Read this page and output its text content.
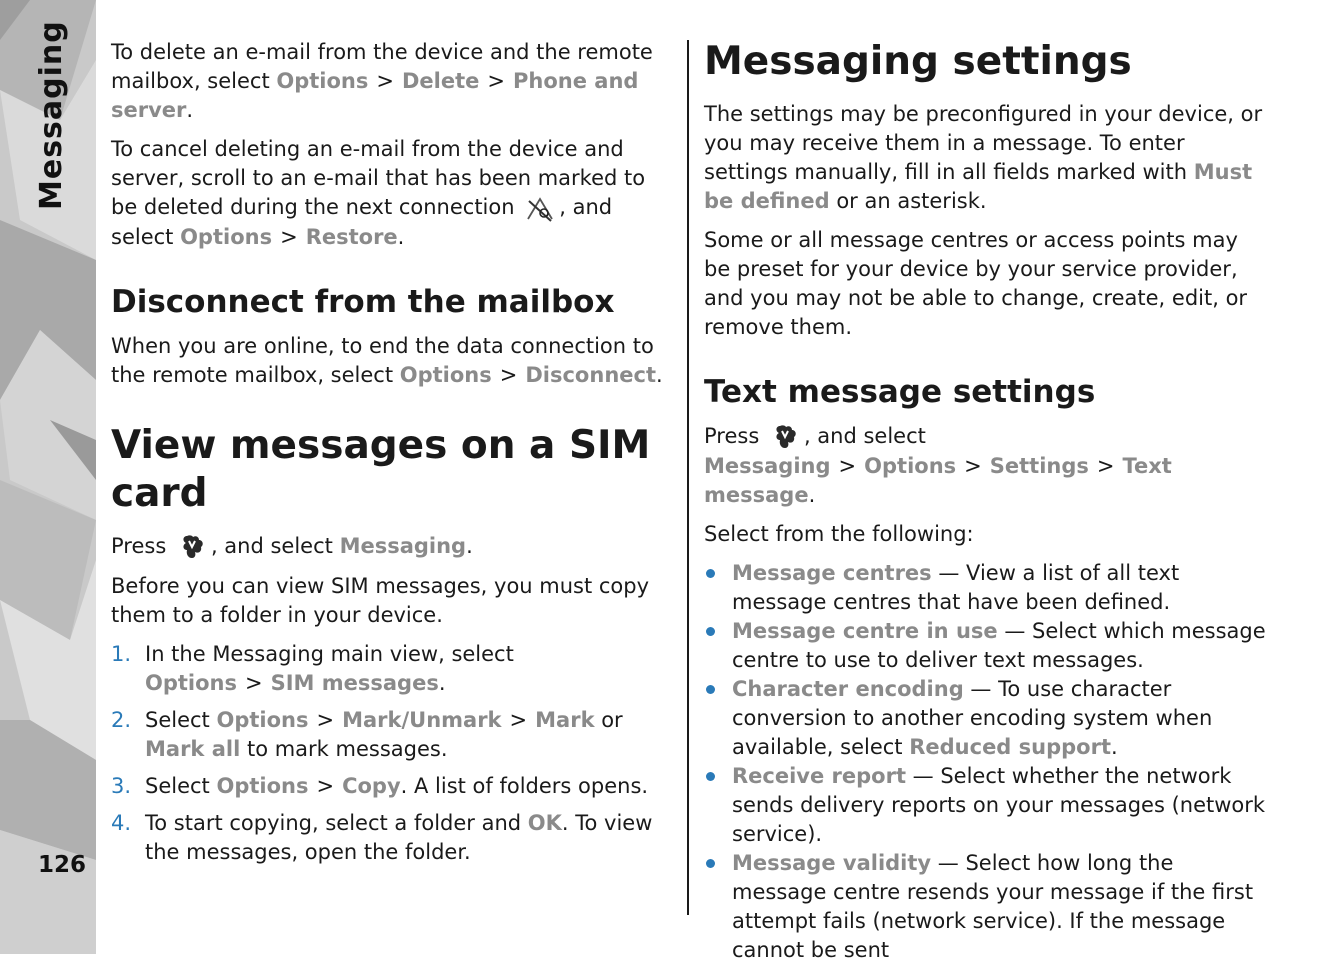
Messaging
126

To delete an e-mail from the device and the remote mailbox, select Options > Delete > Phone and server.

To cancel deleting an e-mail from the device and server, scroll to an e-mail that has been marked to be deleted during the next connection , and select Options > Restore.

Disconnect from the mailbox

When you are online, to end the data connection to the remote mailbox, select Options > Disconnect.

View messages on a SIM card

Press , and select Messaging.

Before you can view SIM messages, you must copy them to a folder in your device.

1. In the Messaging main view, select Options > SIM messages.
2. Select Options > Mark/Unmark > Mark or Mark all to mark messages.
3. Select Options > Copy. A list of folders opens.
4. To start copying, select a folder and OK. To view the messages, open the folder.
Messaging settings

The settings may be preconfigured in your device, or you may receive them in a message. To enter settings manually, fill in all fields marked with Must be defined or an asterisk.

Some or all message centres or access points may be preset for your device by your service provider, and you may not be able to change, create, edit, or remove them.

Text message settings

Press , and select Messaging > Options > Settings > Text message.

Select from the following:

Message centres — View a list of all text message centres that have been defined.
Message centre in use — Select which message centre to use to deliver text messages.
Character encoding — To use character conversion to another encoding system when available, select Reduced support.
Receive report — Select whether the network sends delivery reports on your messages (network service).
Message validity — Select how long the message centre resends your message if the first attempt fails (network service). If the message cannot be sent
